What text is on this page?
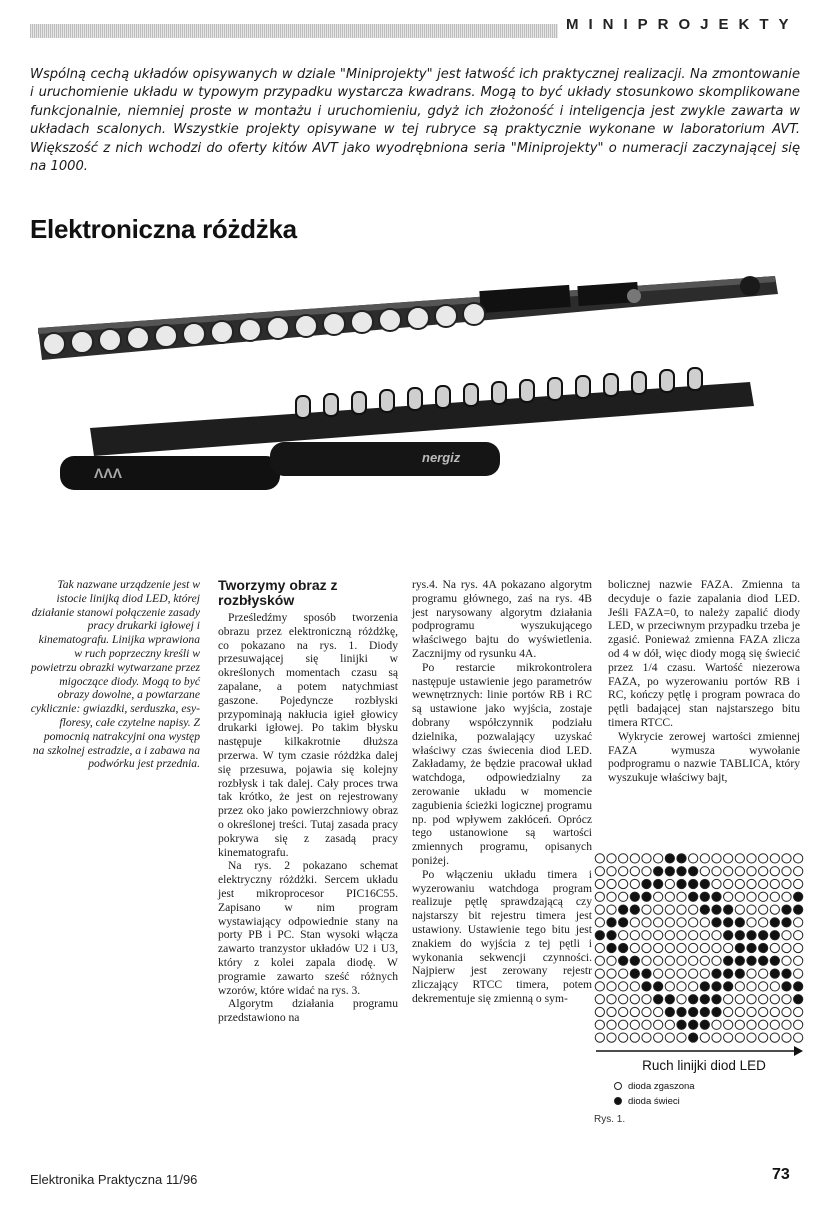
MINIPROJEKTY
Wspólną cechą układów opisywanych w dziale "Miniprojekty" jest łatwość ich praktycznej realizacji. Na zmontowanie i uruchomienie układu w typowym przypadku wystarcza kwadrans. Mogą to być układy stosunkowo skomplikowane funkcjonalnie, niemniej proste w montażu i uruchomieniu, gdyż ich złożoność i inteligencja jest zwykle zawarta w układach scalonych. Wszystkie projekty opisywane w tej rubryce są praktycznie wykonane w laboratorium AVT. Większość z nich wchodzi do oferty kitów AVT jako wyodrębniona seria "Miniprojekty" o numeracji zaczynającej się na 1000.
Elektroniczna różdżka
ɅɅɅ
nergiz
Tak nazwane urządzenie jest w istocie linijką diod LED, której działanie stanowi połączenie zasady pracy drukarki igłowej i kinematografu. Linijka wprawiona w ruch poprzeczny kreśli w powietrzu obrazki wytwarzane przez migoczące diody. Mogą to być obrazy dowolne, a powtarzane cyklicznie: gwiazdki, serduszka, esy-floresy, całe czytelne napisy. Z pomocnią natrakcyjni ona występ na szkolnej estradzie, a i zabawa na podwórku jest przednia.
Tworzymy obraz z rozbłysków

Prześledźmy sposób tworzenia obrazu przez elektroniczną różdżkę, co pokazano na rys. 1. Diody przesuwającej się linijki w określonych momentach czasu są zapalane, a potem natychmiast gaszone. Pojedyncze rozbłyski przypominają nakłucia igieł głowicy drukarki igłowej. Po takim błysku następuje kilkakrotnie dłuższa przerwa. W tym czasie różdżka dalej się przesuwa, pojawia się kolejny rozbłysk i tak dalej. Cały proces trwa tak krótko, że jest on rejestrowany przez oko jako powierzchniowy obraz o określonej treści. Tutaj zasada pracy pokrywa się z zasadą pracy kinematografu.

Na rys. 2 pokazano schemat elektryczny różdżki. Sercem układu jest mikroprocesor PIC16C55. Zapisano w nim program wystawiający odpowiednie stany na porty PB i PC. Stan wysoki włącza zawarto tranzystor układów U2 i U3, który z kolei zapala diodę. W programie zawarto sześć różnych wzorów, które widać na rys. 3.

Algorytm działania programu przedstawiono na

rys.4. Na rys. 4A pokazano algorytm programu głównego, zaś na rys. 4B jest narysowany algorytm działania podprogramu wyszukującego właściwego bajtu do wyświetlenia. Zacznijmy od rysunku 4A.

Po restarcie mikrokontrolera następuje ustawienie jego parametrów wewnętrznych: linie portów RB i RC są ustawione jako wyjścia, zostaje dobrany współczynnik podziału dzielnika, pozwalający uzyskać właściwy czas świecenia diod LED. Zakładamy, że będzie pracował układ watchdoga, odpowiedzialny za zerowanie układu w momencie zagubienia ścieżki logicznej programu np. pod wpływem zakłóceń. Oprócz tego ustanowione są wartości zmiennych programu, opisanych poniżej.

Po włączeniu układu timera i wyzerowaniu watchdoga program realizuje pętlę sprawdzającą czy najstarszy bit rejestru timera jest ustawiony. Ustawienie tego bitu jest znakiem do wyjścia z tej pętli i wykonania sekwencji czynności. Najpierw jest zerowany rejestr zliczający RTCC timera, potem dekrementuje się zmienną o sym-

bolicznej nazwie FAZA. Zmienna ta decyduje o fazie zapalania diod LED. Jeśli FAZA=0, to należy zapalić diody LED, w przeciwnym przypadku trzeba je zgasić. Ponieważ zmienna FAZA zlicza od 4 w dół, więc diody mogą się świecić przez 1/4 czasu. Wartość niezerowa FAZA, po wyzerowaniu portów RB i RC, kończy pętlę i program powraca do pętli badającej stan najstarszego bitu timera RTCC.

Wykrycie zerowej wartości zmiennej FAZA wymusza wywołanie podprogramu o nazwie TABLICA, który wyszukuje właściwy bajt,

Ruch linijki diod LED
dioda zgaszona
dioda świeci
Rys. 1.
Elektronika Praktyczna 11/96	73
